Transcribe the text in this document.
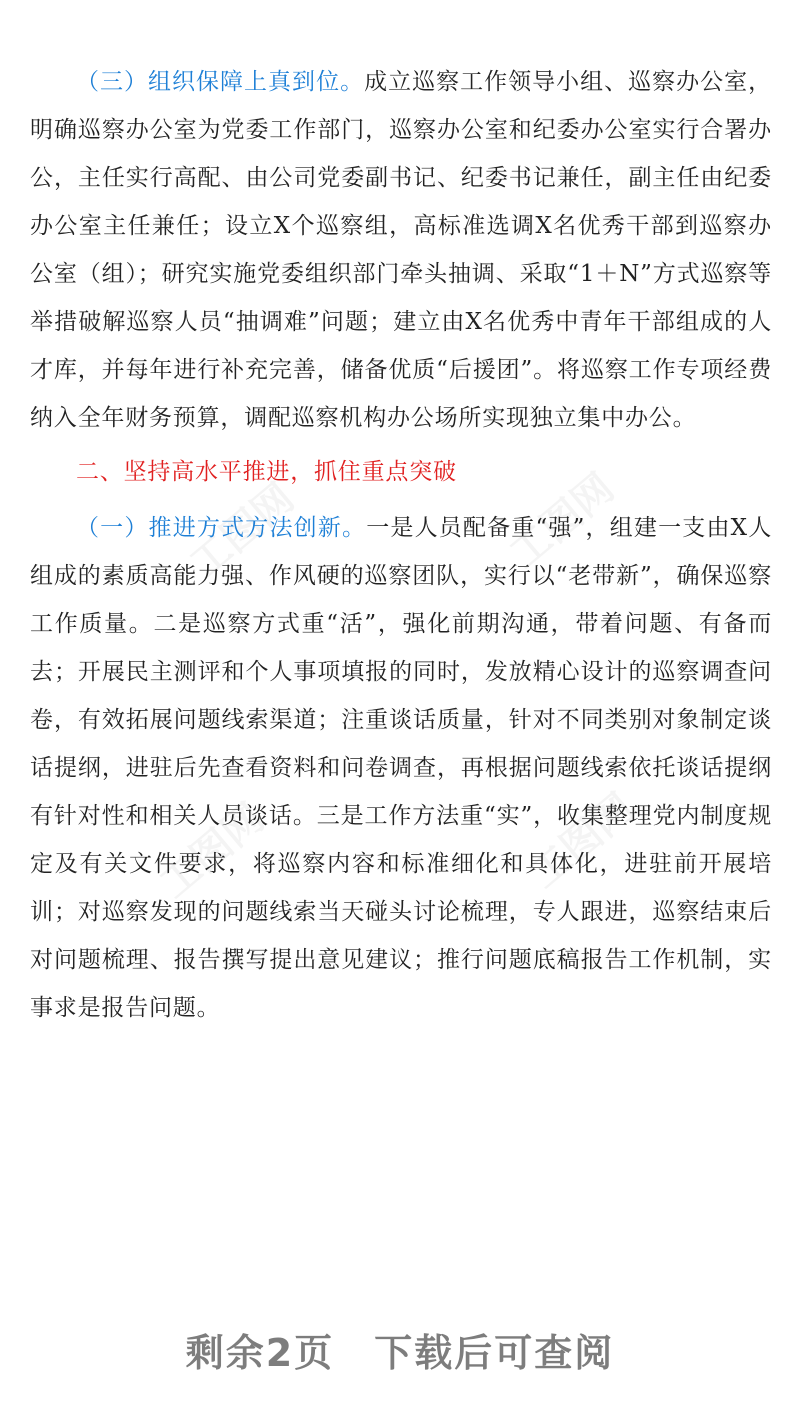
（三）组织保障上真到位。成立巡察工作领导小组、巡察办公室，明确巡察办公室为党委工作部门，巡察办公室和纪委办公室实行合署办公，主任实行高配、由公司党委副书记、纪委书记兼任，副主任由纪委办公室主任兼任；设立X个巡察组，高标准选调X名优秀干部到巡察办公室（组）；研究实施党委组织部门牵头抽调、采取“1＋N”方式巡察等举措破解巡察人员“抽调难”问题；建立由X名优秀中青年干部组成的人才库，并每年进行补充完善，储备优质“后援团”。将巡察工作专项经费纳入全年财务预算，调配巡察机构办公场所实现独立集中办公。

二、坚持高水平推进，抓住重点突破

（一）推进方式方法创新。一是人员配备重“强”，组建一支由X人组成的素质高能力强、作风硬的巡察团队，实行以“老带新”，确保巡察工作质量。二是巡察方式重“活”，强化前期沟通，带着问题、有备而去；开展民主测评和个人事项填报的同时，发放精心设计的巡察调查问卷，有效拓展问题线索渠道；注重谈话质量，针对不同类别对象制定谈话提纲，进驻后先查看资料和问卷调查，再根据问题线索依托谈话提纲有针对性和相关人员谈话。三是工作方法重“实”，收集整理党内制度规定及有关文件要求，将巡察内容和标准细化和具体化，进驻前开展培训；对巡察发现的问题线索当天碰头讨论梳理，专人跟进，巡察结束后对问题梳理、报告撰写提出意见建议；推行问题底稿报告工作机制，实事求是报告问题。

剩余2页 下载后可查阅
